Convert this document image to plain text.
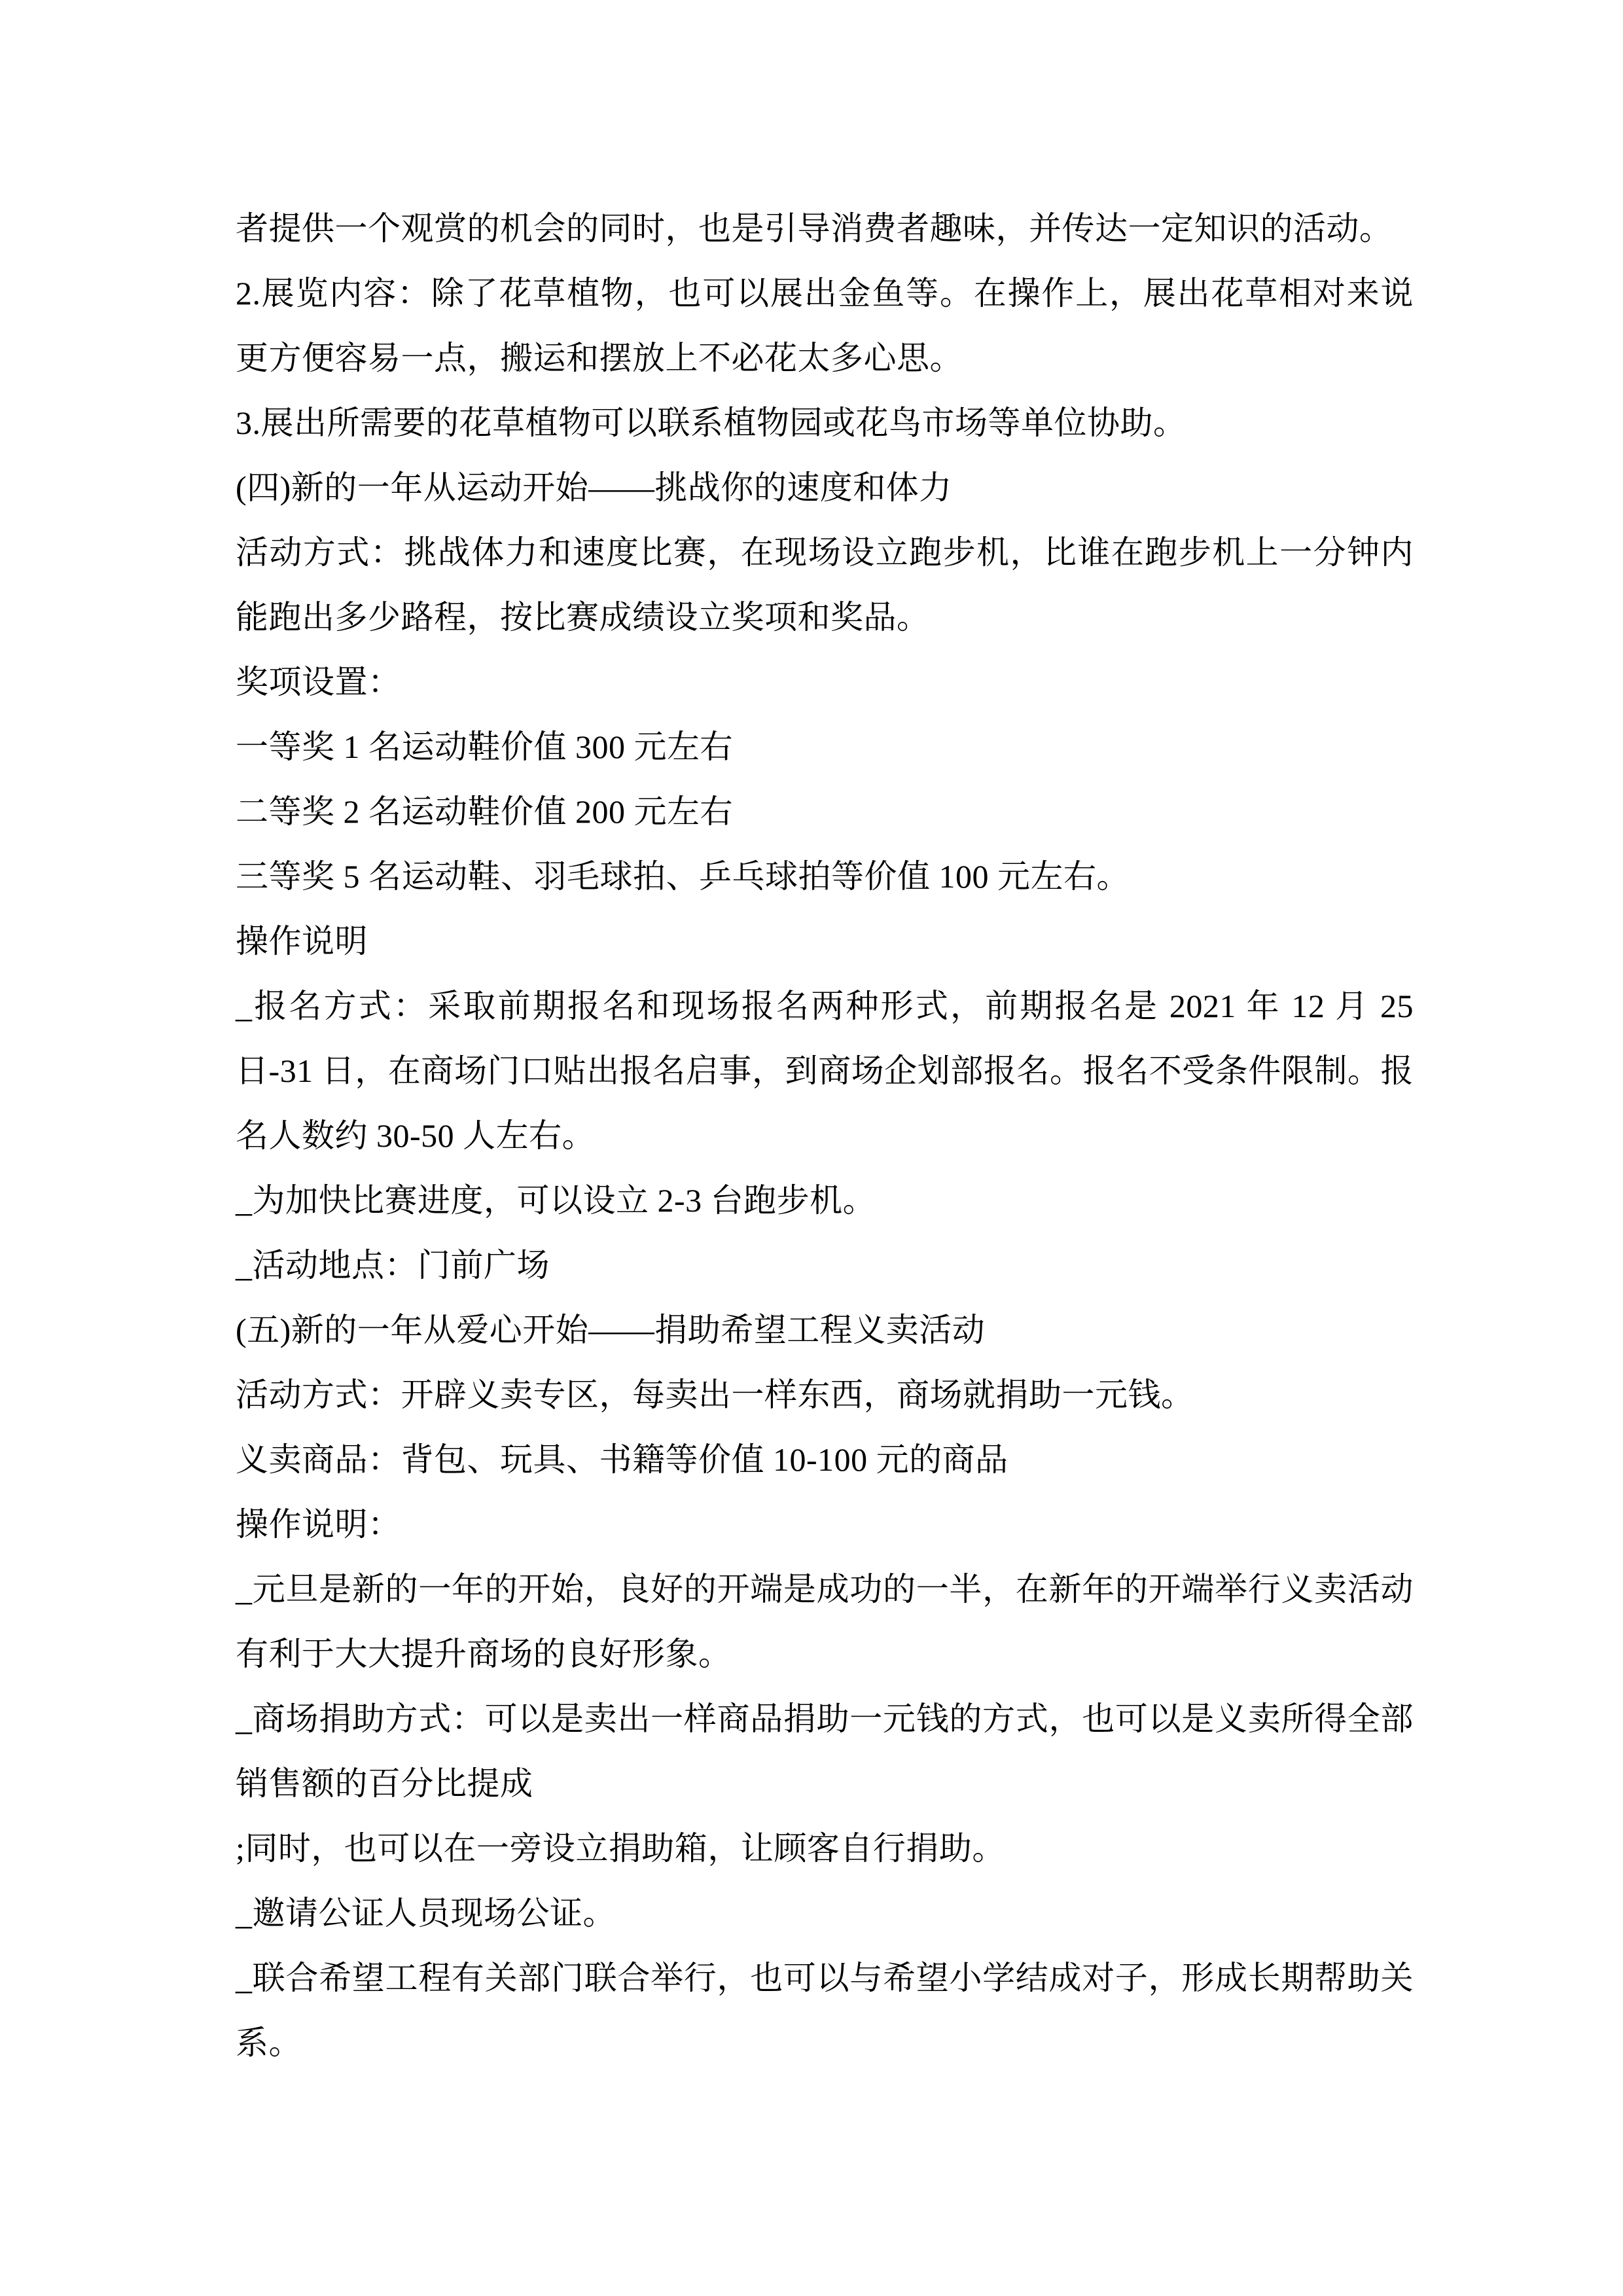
者提供一个观赏的机会的同时，也是引导消费者趣味，并传达一定知识的活动。

2.展览内容：除了花草植物，也可以展出金鱼等。在操作上，展出花草相对来说更方便容易一点，搬运和摆放上不必花太多心思。

3.展出所需要的花草植物可以联系植物园或花鸟市场等单位协助。

(四)新的一年从运动开始——挑战你的速度和体力

活动方式：挑战体力和速度比赛，在现场设立跑步机，比谁在跑步机上一分钟内能跑出多少路程，按比赛成绩设立奖项和奖品。

奖项设置：

一等奖 1 名运动鞋价值 300 元左右

二等奖 2 名运动鞋价值 200 元左右

三等奖 5 名运动鞋、羽毛球拍、乒乓球拍等价值 100 元左右。

操作说明

_报名方式：采取前期报名和现场报名两种形式，前期报名是 2021 年 12 月 25 日-31 日，在商场门口贴出报名启事，到商场企划部报名。报名不受条件限制。报名人数约 30-50 人左右。

_为加快比赛进度，可以设立 2-3 台跑步机。

_活动地点：门前广场

(五)新的一年从爱心开始——捐助希望工程义卖活动

活动方式：开辟义卖专区，每卖出一样东西，商场就捐助一元钱。

义卖商品：背包、玩具、书籍等价值 10-100 元的商品

操作说明：

_元旦是新的一年的开始，良好的开端是成功的一半，在新年的开端举行义卖活动有利于大大提升商场的良好形象。

_商场捐助方式：可以是卖出一样商品捐助一元钱的方式，也可以是义卖所得全部销售额的百分比提成

;同时，也可以在一旁设立捐助箱，让顾客自行捐助。

_邀请公证人员现场公证。

_联合希望工程有关部门联合举行，也可以与希望小学结成对子，形成长期帮助关系。
